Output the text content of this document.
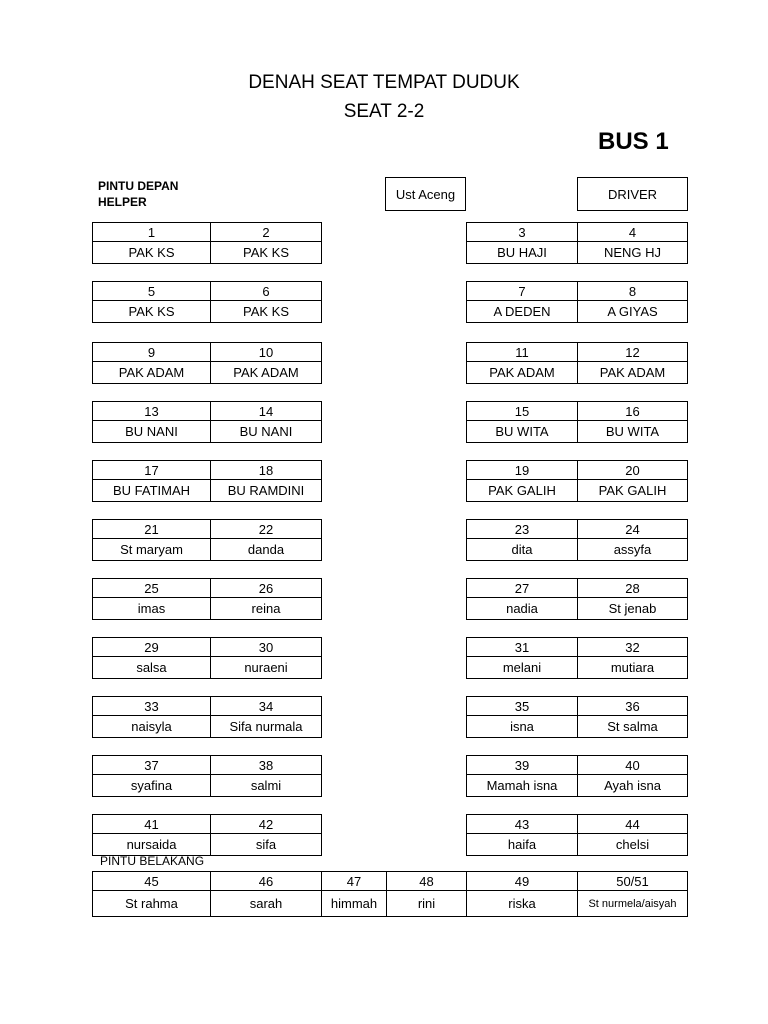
DENAH SEAT TEMPAT DUDUK
SEAT 2-2
BUS 1
PINTU DEPAN
HELPER
Ust Aceng	DRIVER
1
PAK KS
2
PAK KS
3
BU HAJI
4
NENG HJ
5
PAK KS
6
PAK KS
7
A DEDEN
8
A GIYAS
9
PAK ADAM
10
PAK ADAM
11
PAK ADAM
12
PAK ADAM
13
BU NANI
14
BU NANI
15
BU WITA
16
BU WITA
17
BU FATIMAH
18
BU RAMDINI
19
PAK GALIH
20
PAK GALIH
21
St maryam
22
danda
23
dita
24
assyfa
25
imas
26
reina
27
nadia
28
St jenab
29
salsa
30
nuraeni
31
melani
32
mutiara
33
naisyla
34
Sifa nurmala
35
isna
36
St salma
37
syafina
38
salmi
39
Mamah isna
40
Ayah isna
41
nursaida
42
sifa
43
haifa
44
chelsi
PINTU BELAKANG
45
St rahma
46
sarah
47
himmah
48
rini
49
riska
50/51
St nurmela/aisyah
